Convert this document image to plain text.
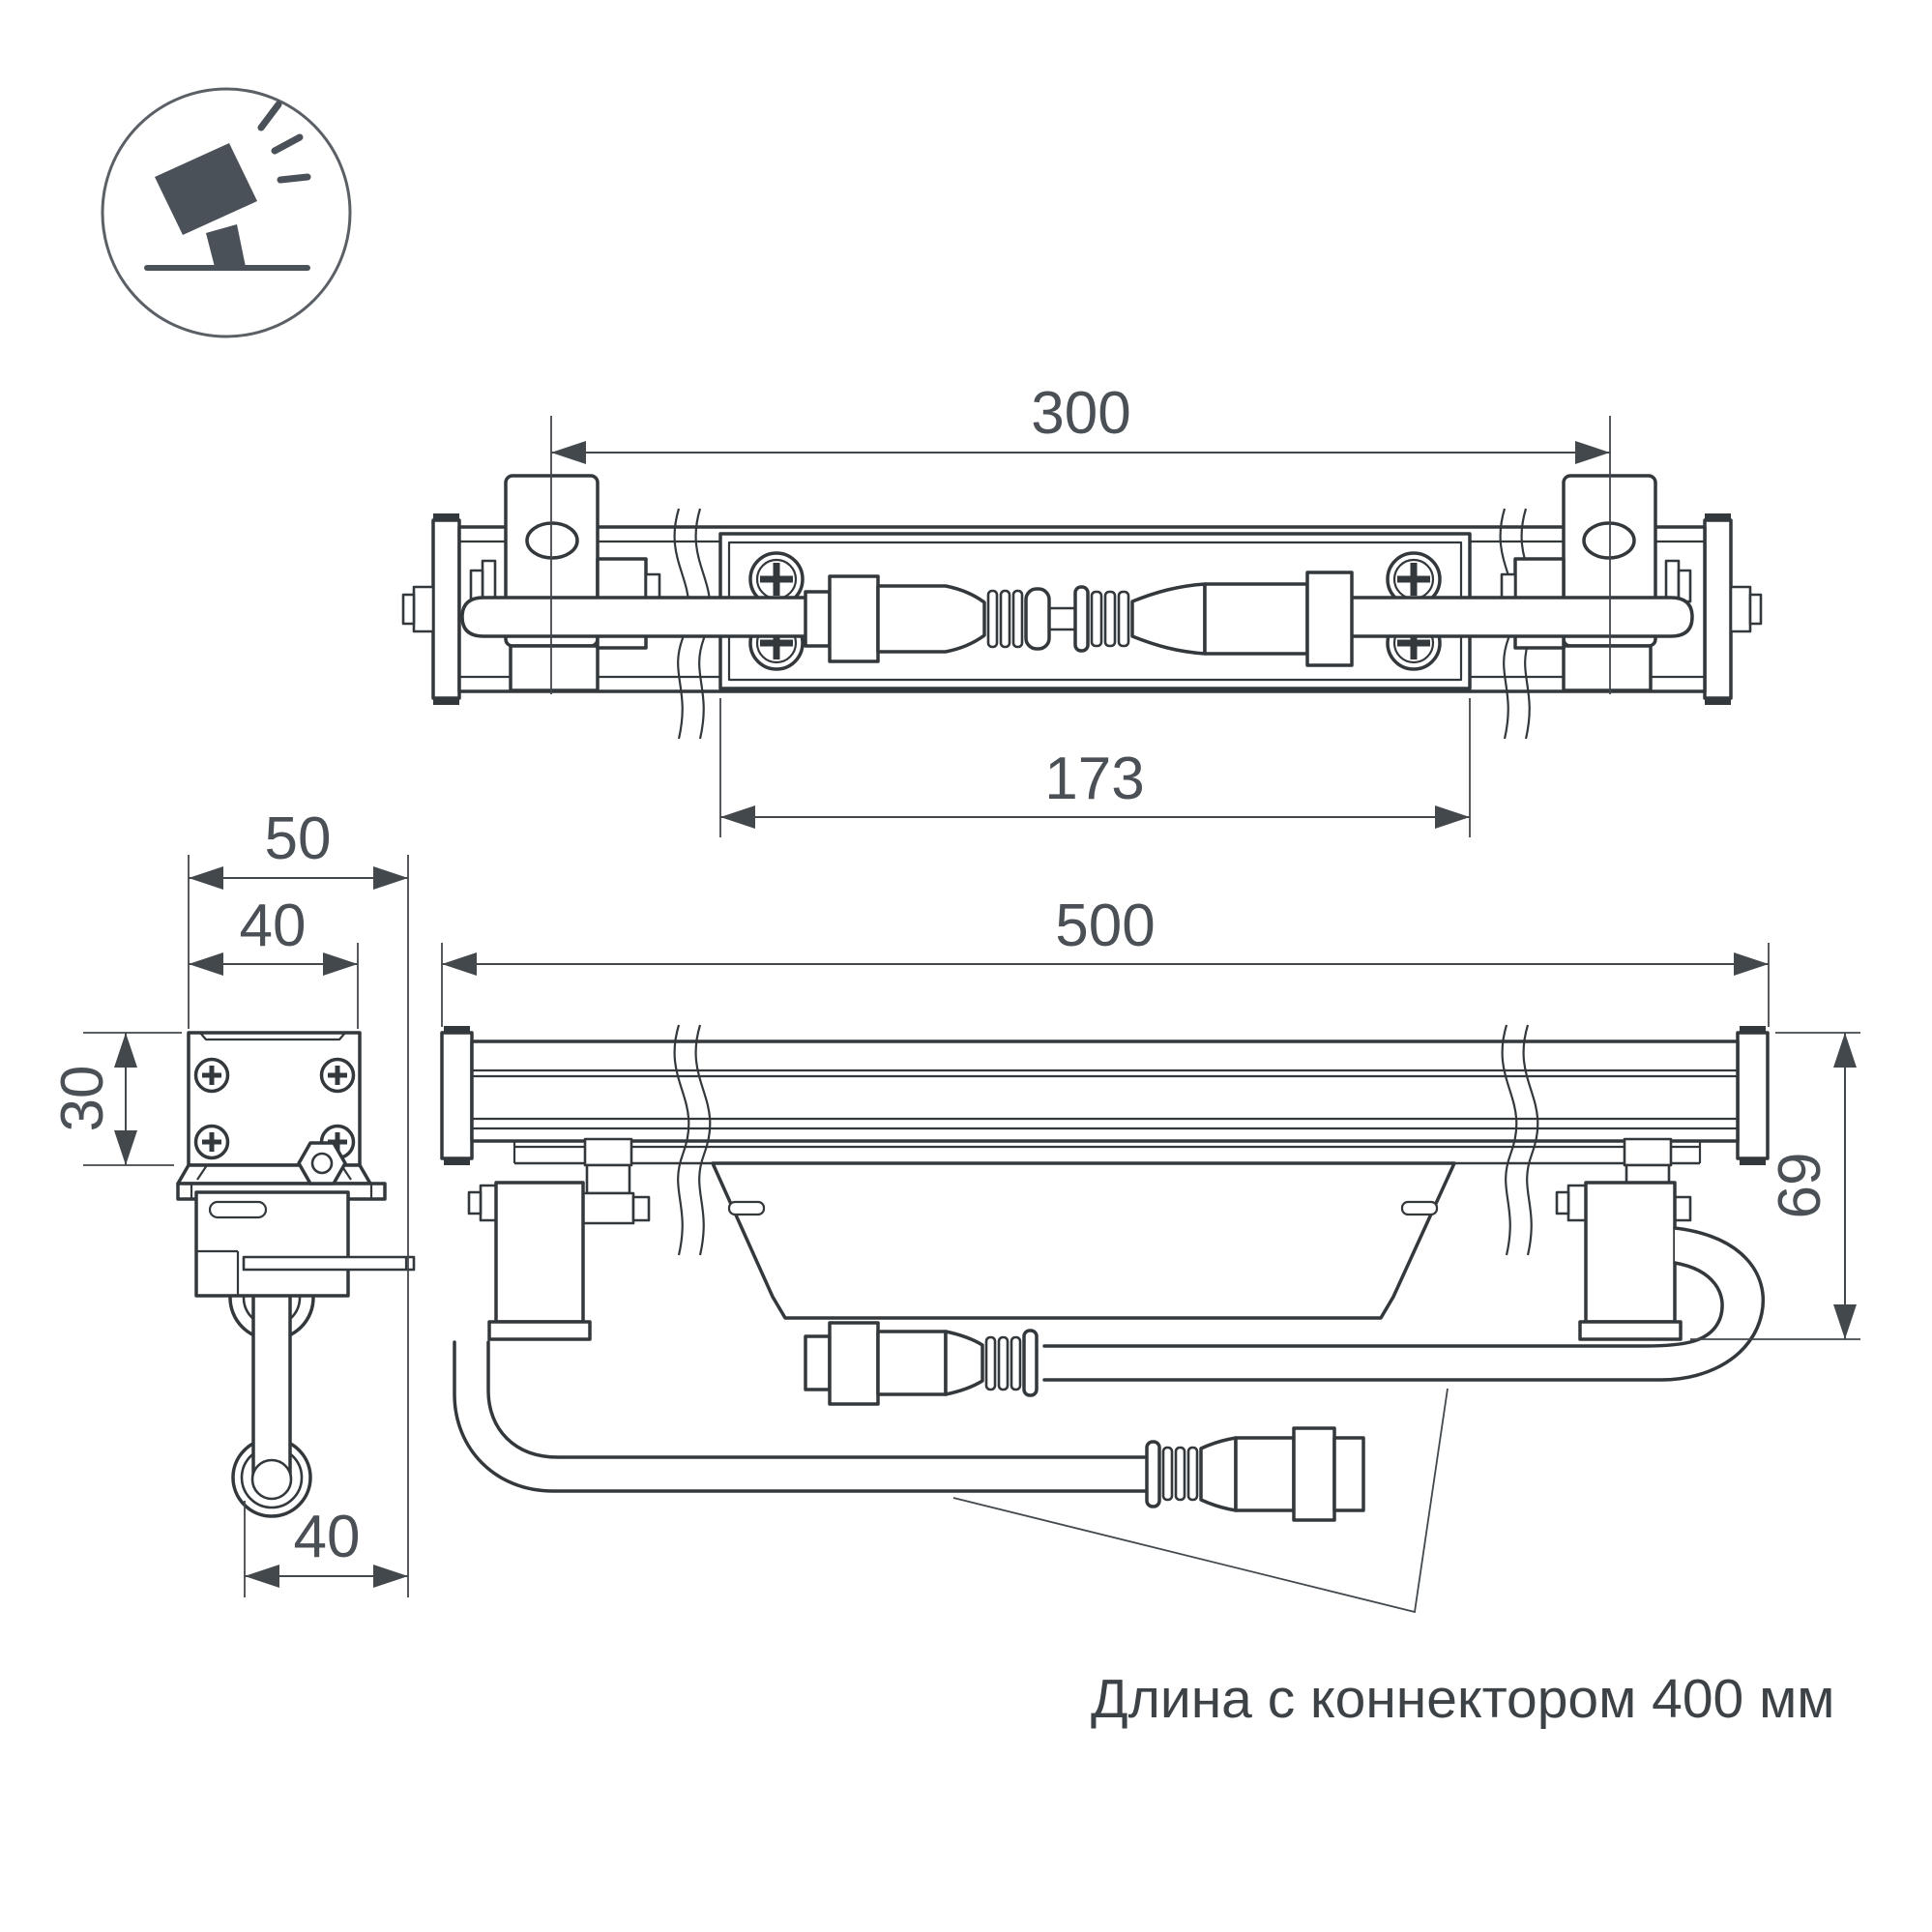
300
173
50
40
30
40
500
69
Длина с коннектором 400 мм
